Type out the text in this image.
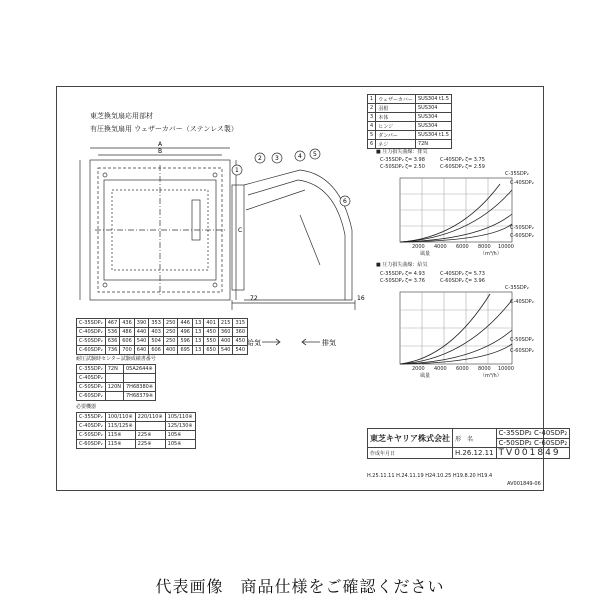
A
B
C
1
2 3	4 5
6
72	16
給気	排気
東芝換気扇応用部材
有圧換気扇用 ウェザーカバー（ステンレス製）
1	ウェザーカバー	SUS304 t1.5
2	羽根	SUS304
3	本体	SUS304
4	ヒンジ	SUS304
5	ダンパー	SUS304 t1.5
6	ネジ	72N
■ 圧力損失曲線：排気
C-35SDP₂ ζ= 3.98	C-40SDP₂ ζ= 3.75
C-50SDP₂ ζ= 2.50	C-60SDP₂ ζ= 2.59
C-35SDP₂
C-40SDP₂
C-50SDP₂
C-60SDP₂
2000 4000 6000 8000 10000
風量	（m³/h）
■ 圧力損失曲線：給気
C-35SDP₂ ζ= 4.93	C-40SDP₂ ζ= 5.73
C-50SDP₂ ζ= 3.76	C-60SDP₂ ζ= 3.96
C-35SDP₂
C-40SDP₂
C-50SDP₂
C-60SDP₂
2000 4000 6000 8000 10000
風量	（m³/h）
C-35SDP₂	467	436	390	353	250	446	13	401	215	315
C-40SDP₂	536	486	440	403	250	496	13	450	360	360
C-50SDP₂	636	606	540	504	250	596	13	550	400	450
C-60SDP₂	736	700	640	606	400	695	13	650	540	540
耐圧試験時センター試験成績書番号
C-35SDP₂	72N	05A2644※
C-40SDP₂		
C-50SDP₂	120N	7H68380※
C-60SDP₂		7H68379※
必要機器
C-35SDP₂	100/110※	220/110※	105/110※
C-40SDP₂	115/125※		125/130※
C-50SDP₂	115※	225※	105※
C-60SDP₂	115※	225※	105※
東芝キヤリア株式会社	形　名	C-35SDP₂ C-40SDP₂
		C-50SDP₂ C-60SDP₂
作成年月日	H.26.12.11	TV001849
H.25.11.11 H.24.11.19 H24.10.25 H19.8.20 H19.4
AV001849-06
代表画像　商品仕様をご確認ください
